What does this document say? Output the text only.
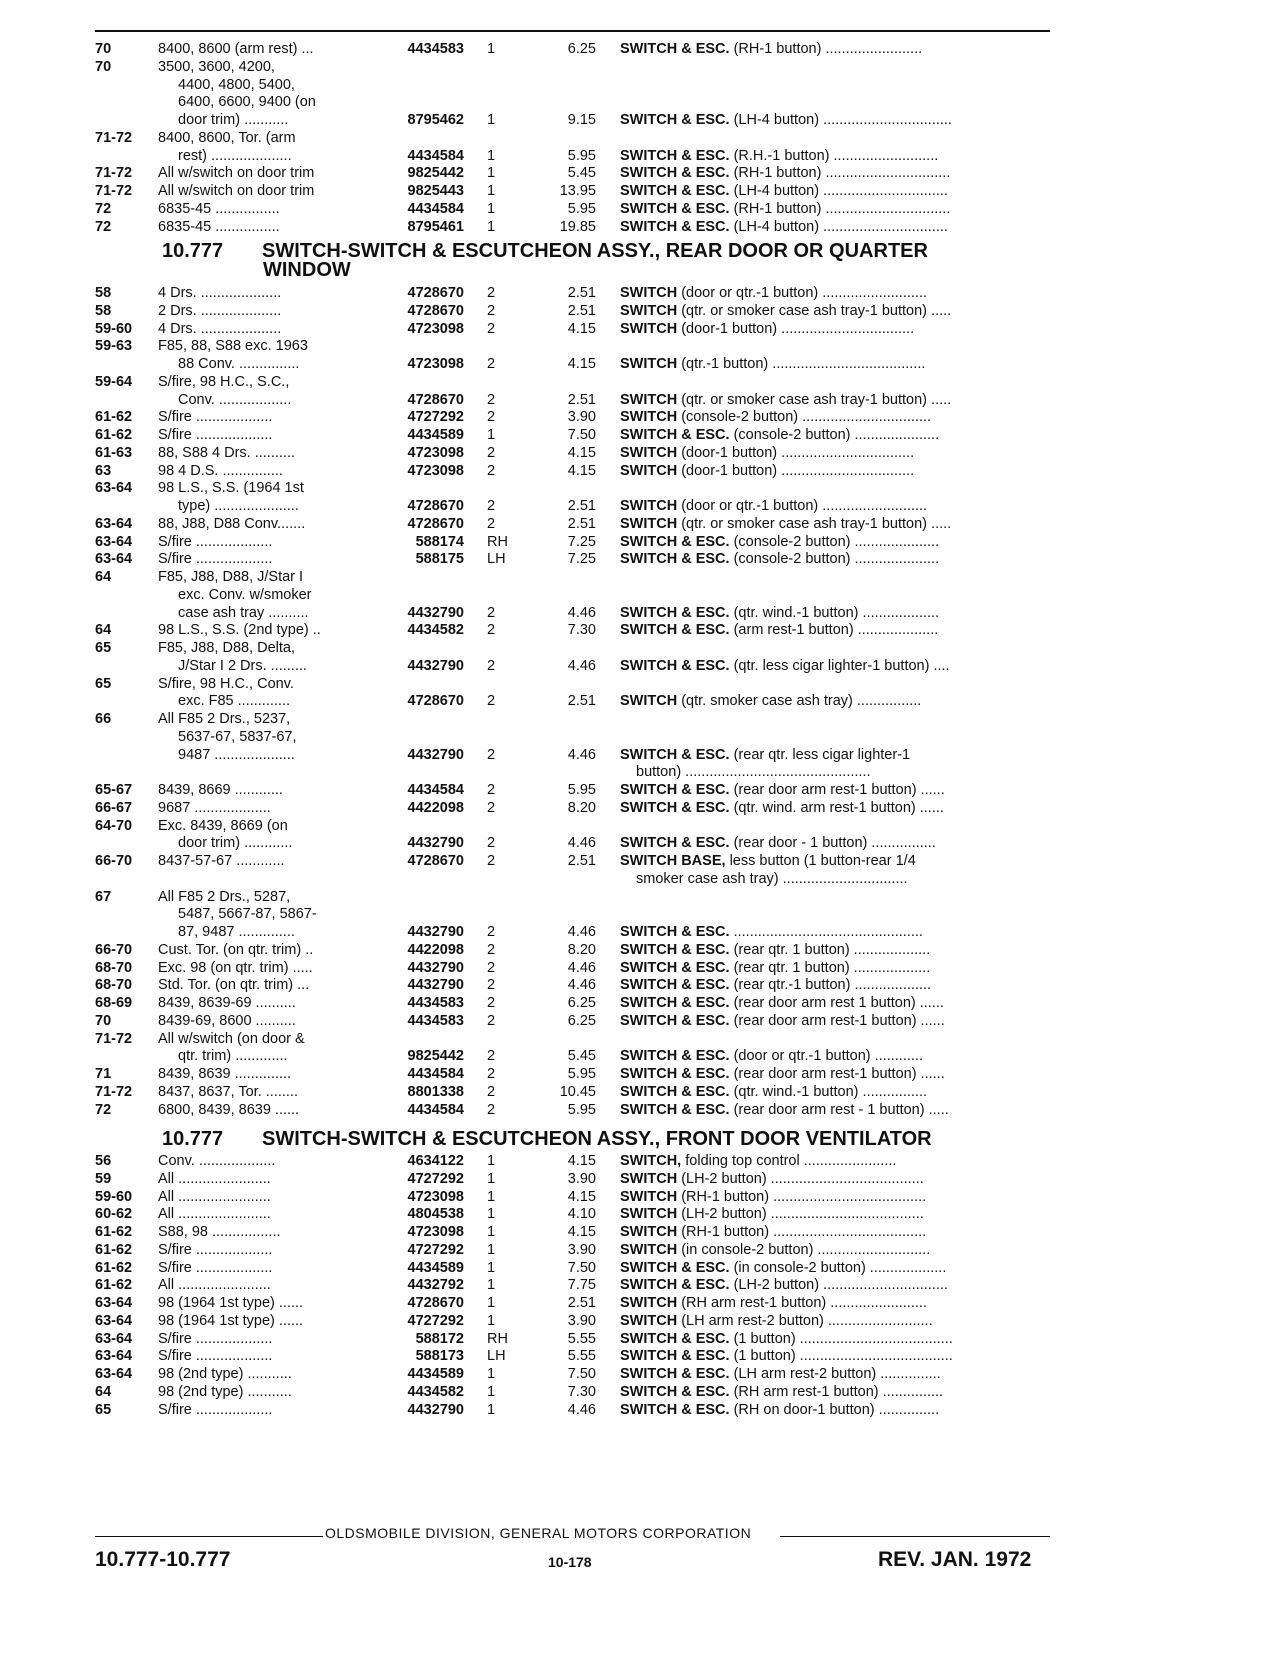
70	8400, 8600 (arm rest) ...	4434583 1	6.25 SWITCH & ESC. (RH-1 button) ........................
70	3500, 3600, 4200,
4400, 4800, 5400,
6400, 6600, 9400 (on
door trim) ...........	8795462 1	9.15 SWITCH & ESC. (LH-4 button) ................................
71-72 8400, 8600, Tor. (arm
rest) ....................	4434584 1	5.95 SWITCH & ESC. (R.H.-1 button) ..........................
71-72 All w/switch on door trim	9825442 1	5.45 SWITCH & ESC. (RH-1 button) ...............................
71-72 All w/switch on door trim	9825443 1	13.95 SWITCH & ESC. (LH-4 button) ...............................
72	6835-45 ................	4434584 1	5.95 SWITCH & ESC. (RH-1 button) ...............................
72	6835-45 ................	8795461 1	19.85 SWITCH & ESC. (LH-4 button) ...............................
10.777 SWITCH-SWITCH & ESCUTCHEON ASSY., REAR DOOR OR QUARTER
WINDOW
58	4 Drs. ....................	4728670 2	2.51 SWITCH (door or qtr.-1 button) ..........................
58	2 Drs. ....................	4728670 2	2.51 SWITCH (qtr. or smoker case ash tray-1 button) .....
59-60 4 Drs. ....................	4723098 2	4.15 SWITCH (door-1 button) .................................
59-63 F85, 88, S88 exc. 1963
88 Conv. ...............	4723098 2	4.15 SWITCH (qtr.-1 button) ......................................
59-64 S/fire, 98 H.C., S.C.,
Conv. ..................	4728670 2	2.51 SWITCH (qtr. or smoker case ash tray-1 button) .....
61-62 S/fire ...................	4727292 2	3.90 SWITCH (console-2 button) ................................
61-62 S/fire ...................	4434589 1	7.50 SWITCH & ESC. (console-2 button) .....................
61-63 88, S88 4 Drs. ..........	4723098 2	4.15 SWITCH (door-1 button) .................................
63	98 4 D.S. ...............	4723098 2	4.15 SWITCH (door-1 button) .................................
63-64 98 L.S., S.S. (1964 1st
type) .....................	4728670 2	2.51 SWITCH (door or qtr.-1 button) ..........................
63-64 88, J88, D88 Conv.......	4728670 2	2.51 SWITCH (qtr. or smoker case ash tray-1 button) .....
63-64 S/fire ...................	588174 RH	7.25 SWITCH & ESC. (console-2 button) .....................
63-64 S/fire ...................	588175 LH	7.25 SWITCH & ESC. (console-2 button) .....................
64	F85, J88, D88, J/Star I
exc. Conv. w/smoker
case ash tray ..........	4432790 2	4.46 SWITCH & ESC. (qtr. wind.-1 button) ...................
64	98 L.S., S.S. (2nd type) ..	4434582 2	7.30 SWITCH & ESC. (arm rest-1 button) ....................
65	F85, J88, D88, Delta,
J/Star I 2 Drs. .........	4432790 2	4.46 SWITCH & ESC. (qtr. less cigar lighter-1 button) ....
65	S/fire, 98 H.C., Conv.
exc. F85 .............	4728670 2	2.51 SWITCH (qtr. smoker case ash tray) ................
66	All F85 2 Drs., 5237,
5637-67, 5837-67,
9487 ....................	4432790 2	4.46 SWITCH & ESC. (rear qtr. less cigar lighter-1
button) ..............................................
65-67 8439, 8669 ............	4434584 2	5.95 SWITCH & ESC. (rear door arm rest-1 button) ......
66-67 9687 ...................	4422098 2	8.20 SWITCH & ESC. (qtr. wind. arm rest-1 button) ......
64-70 Exc. 8439, 8669 (on
door trim) ............	4432790 2	4.46 SWITCH & ESC. (rear door - 1 button) ................
66-70 8437-57-67 ............	4728670 2	2.51 SWITCH BASE, less button (1 button-rear 1/4
smoker case ash tray) ...............................
67	All F85 2 Drs., 5287,
5487, 5667-87, 5867-
87, 9487 ..............	4432790 2	4.46 SWITCH & ESC. ...............................................
66-70 Cust. Tor. (on qtr. trim) ..	4422098 2	8.20 SWITCH & ESC. (rear qtr. 1 button) ...................
68-70 Exc. 98 (on qtr. trim) .....	4432790 2	4.46 SWITCH & ESC. (rear qtr. 1 button) ...................
68-70 Std. Tor. (on qtr. trim) ...	4432790 2	4.46 SWITCH & ESC. (rear qtr.-1 button) ...................
68-69 8439, 8639-69 ..........	4434583 2	6.25 SWITCH & ESC. (rear door arm rest 1 button) ......
70	8439-69, 8600 ..........	4434583 2	6.25 SWITCH & ESC. (rear door arm rest-1 button) ......
71-72 All w/switch (on door &
qtr. trim) .............	9825442 2	5.45 SWITCH & ESC. (door or qtr.-1 button) ............
71	8439, 8639 ..............	4434584 2	5.95 SWITCH & ESC. (rear door arm rest-1 button) ......
71-72 8437, 8637, Tor. ........	8801338 2	10.45 SWITCH & ESC. (qtr. wind.-1 button) ................
72	6800, 8439, 8639 ......	4434584 2	5.95 SWITCH & ESC. (rear door arm rest - 1 button) .....
10.777 SWITCH-SWITCH & ESCUTCHEON ASSY., FRONT DOOR VENTILATOR
56	Conv. ...................	4634122 1	4.15 SWITCH, folding top control .......................
59	All .......................	4727292 1	3.90 SWITCH (LH-2 button) ......................................
59-60 All .......................	4723098 1	4.15 SWITCH (RH-1 button) ......................................
60-62 All .......................	4804538 1	4.10 SWITCH (LH-2 button) ......................................
61-62 S88, 98 .................	4723098 1	4.15 SWITCH (RH-1 button) ......................................
61-62 S/fire ...................	4727292 1	3.90 SWITCH (in console-2 button) ............................
61-62 S/fire ...................	4434589 1	7.50 SWITCH & ESC. (in console-2 button) ...................
61-62 All .......................	4432792 1	7.75 SWITCH & ESC. (LH-2 button) ...............................
63-64 98 (1964 1st type) ......	4728670 1	2.51 SWITCH (RH arm rest-1 button) ........................
63-64 98 (1964 1st type) ......	4727292 1	3.90 SWITCH (LH arm rest-2 button) ..........................
63-64 S/fire ...................	588172 RH	5.55 SWITCH & ESC. (1 button) ......................................
63-64 S/fire ...................	588173 LH	5.55 SWITCH & ESC. (1 button) ......................................
63-64 98 (2nd type) ...........	4434589 1	7.50 SWITCH & ESC. (LH arm rest-2 button) ...............
64	98 (2nd type) ...........	4434582 1	7.30 SWITCH & ESC. (RH arm rest-1 button) ...............
65	S/fire ...................	4432790 1	4.46 SWITCH & ESC. (RH on door-1 button) ...............
OLDSMOBILE DIVISION, GENERAL MOTORS CORPORATION
10.777-10.777	10-178	REV. JAN. 1972
